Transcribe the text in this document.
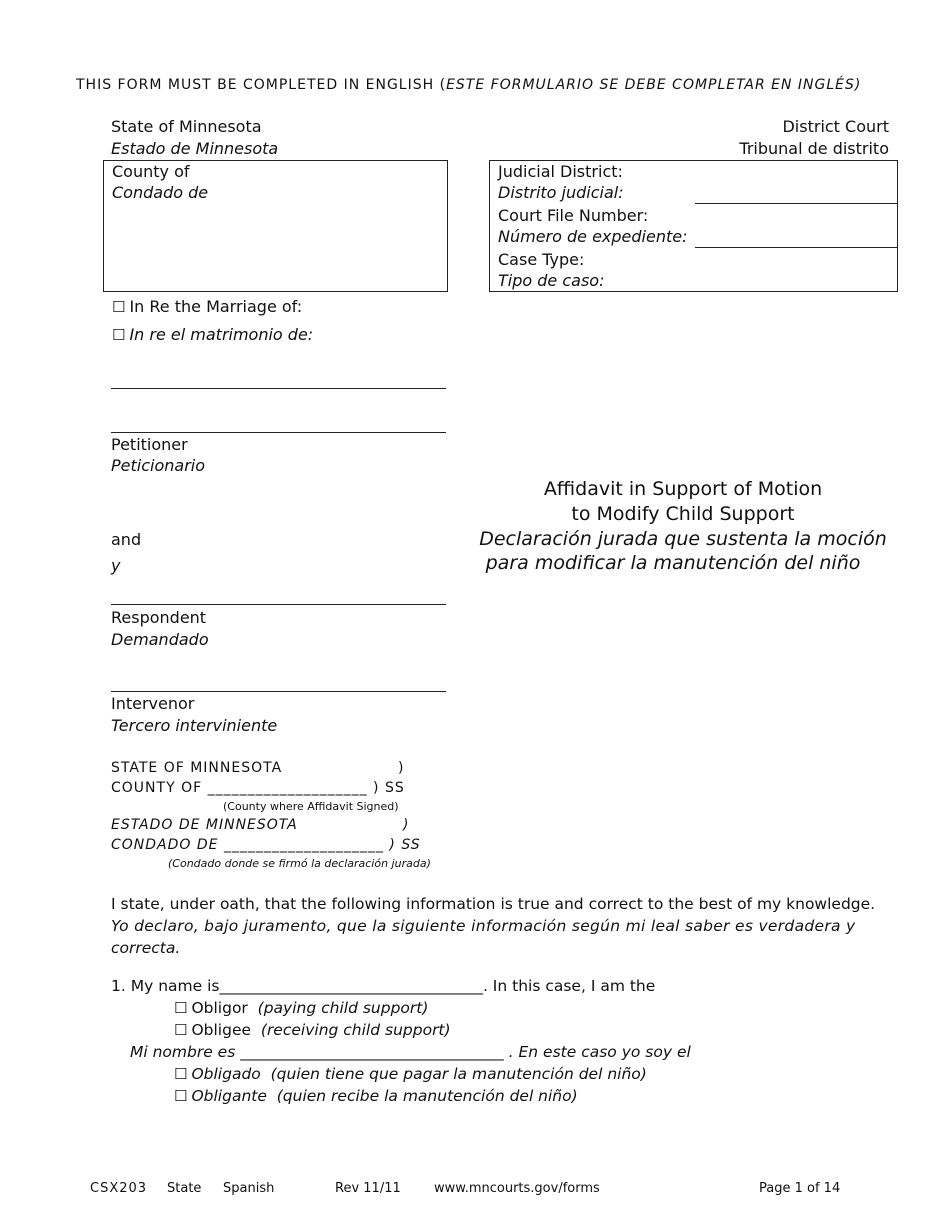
THIS FORM MUST BE COMPLETED IN ENGLISH (ESTE FORMULARIO SE DEBE COMPLETAR EN INGLÉS)
State of Minnesota
Estado de Minnesota
District Court
Tribunal de distrito
County of
Condado de
Judicial District:
Distrito judicial:
Court File Number:
Número de expediente:
Case Type:
Tipo de caso:
☐ In Re the Marriage of:
☐ In re el matrimonio de:
Petitioner
Peticionario
and
y
Respondent
Demandado
Intervenor
Tercero interviniente
Affidavit in Support of Motion
to Modify Child Support
Declaración jurada que sustenta la moción
para modificar la manutención del niño
STATE OF MINNESOTA	)
COUNTY OF ____________________ ) SS
(County where Affidavit Signed)
ESTADO DE MINNESOTA	)
CONDADO DE ____________________ ) SS
(Condado donde se firmó la declaración jurada)
I state, under oath, that the following information is true and correct to the best of my knowledge.
Yo declaro, bajo juramento, que la siguiente información según mi leal saber es verdadera y
correcta.
1. My name is__________________________________. In this case, I am the
☐ Obligor (paying child support)
☐ Obligee (receiving child support)
Mi nombre es __________________________________ . En este caso yo soy el
☐ Obligado (quien tiene que pagar la manutención del niño)
☐ Obligante (quien recibe la manutención del niño)
CSX203 State Spanish	Rev 11/11	www.mncourts.gov/forms	Page 1 of 14
